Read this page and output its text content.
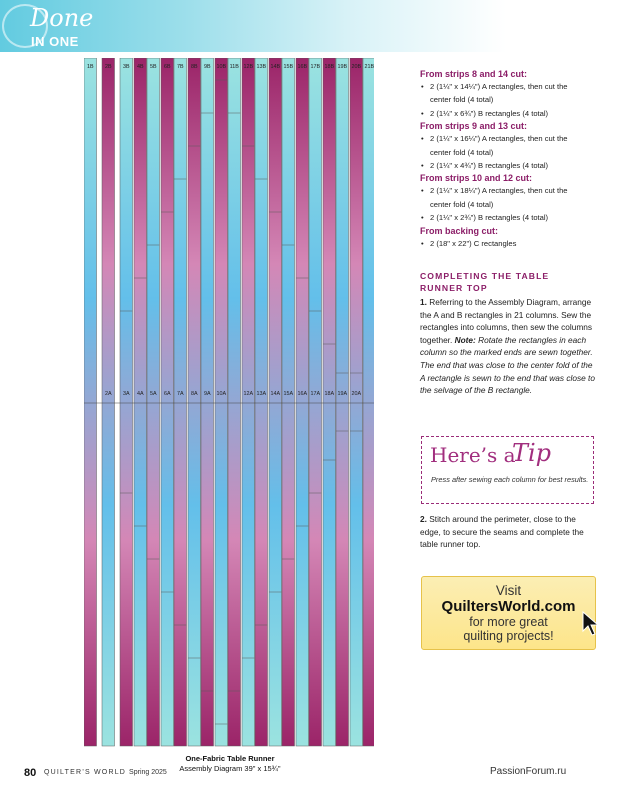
Done
IN ONE
1B 2B
2A
3B
3A
4B
4A
5B
5A
6B
6A
7B
7A
8B
8A
9B
9A
10B
10A
11B 12B
12A
13B
13A
14B
14A
15B
15A
16B
16A
17B
17A
18B
18A
19B
19A
20B
20A
21B
One-Fabric Table Runner
Assembly Diagram 39" x 15¾"

From strips 8 and 14 cut:

• 2 (1¼" x 14¼") A rectangles, then cut the
center fold (4 total)
• 2 (1¼" x 6¾") B rectangles (4 total)

From strips 9 and 13 cut:

• 2 (1¼" x 16¼") A rectangles, then cut the
center fold (4 total)
• 2 (1¼" x 4¾") B rectangles (4 total)

From strips 10 and 12 cut:

• 2 (1¼" x 18¼") A rectangles, then cut the
center fold (4 total)
• 2 (1¼" x 2¾") B rectangles (4 total)

From backing cut:

• 2 (18" x 22") C rectangles
COMPLETING THE TABLE
RUNNER TOP
1. Referring to the Assembly Diagram, arrange the A and B rectangles in 21 columns. Sew the rectangles into columns, then sew the columns together. Note: Rotate the rectangles in each column so the marked ends are sewn together. The end that was close to the center fold of the A rectangle is sewn to the end that was close to the selvage of the B rectangle.
Here’s a
Tip
Press after sewing each column for best results.
2. Stitch around the perimeter, close to the edge, to secure the seams and complete the table runner top.
Visit
QuiltersWorld.com
for more great
quilting projects!
80 QUILTER’S WORLD Spring 2025	PassionForum.ru
